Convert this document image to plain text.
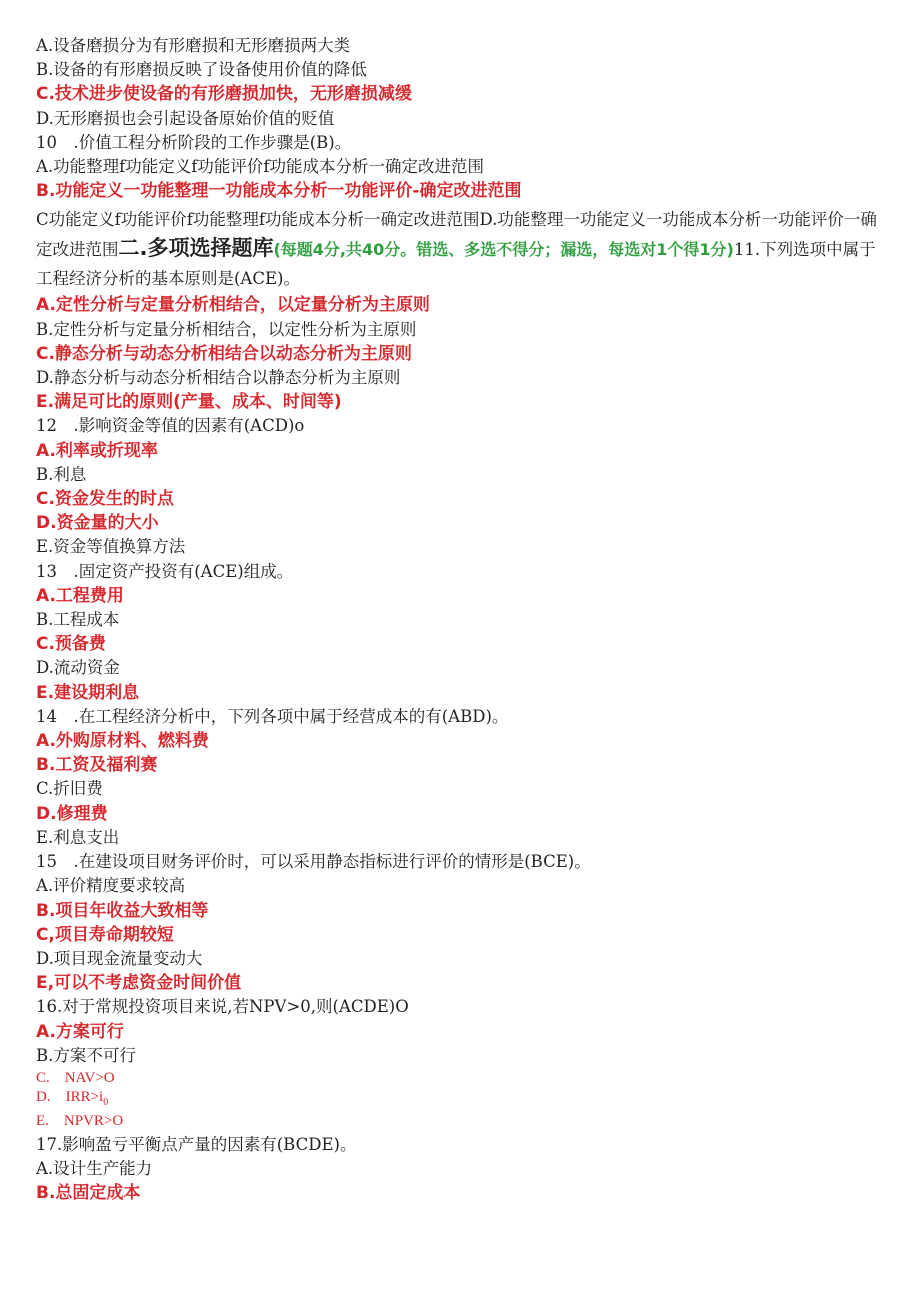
A.设备磨损分为有形磨损和无形磨损两大类
B.设备的有形磨损反映了设备使用价值的降低
C.技术进步使设备的有形磨损加快，无形磨损减缓
D.无形磨损也会引起设备原始价值的贬值
10　.价值工程分析阶段的工作步骤是(B)。
A.功能整理f功能定义f功能评价f功能成本分析一确定改进范围
B.功能定义一功能整理一功能成本分析一功能评价-确定改进范围
C功能定义f功能评价f功能整理f功能成本分析一确定改进范围D.功能整理一功能定义一功能成本分析一功能评价一确定改进范围二.多项选择题库(每题4分,共40分。错选、多选不得分；漏选，每选对1个得1分)11.下列选项中属于工程经济分析的基本原则是(ACE)。
A.定性分析与定量分析相结合，以定量分析为主原则
B.定性分析与定量分析相结合，以定性分析为主原则
C.静态分析与动态分析相结合以动态分析为主原则
D.静态分析与动态分析相结合以静态分析为主原则
E.满足可比的原则(产量、成本、时间等)
12　.影响资金等值的因素有(ACD)o
A.利率或折现率
B.利息
C.资金发生的时点
D.资金量的大小
E.资金等值换算方法
13　.固定资产投资有(ACE)组成。
A.工程费用
B.工程成本
C.预备费
D.流动资金
E.建设期利息
14　.在工程经济分析中，下列各项中属于经营成本的有(ABD)。
A.外购原材料、燃料费
B.工资及福利赛
C.折旧费
D.修理费
E.利息支出
15　.在建设项目财务评价时，可以采用静态指标进行评价的情形是(BCE)。
A.评价精度要求较高
B.项目年收益大致相等
C,项目寿命期较短
D.项目现金流量变动大
E,可以不考虑资金时间价值
16.对于常规投资项目来说,若NPV>0,则(ACDE)O
A.方案可行
B.方案不可行
C.　NAV>O
D.　$IRR>i_0$
E.　NPVR>O
17.影响盈亏平衡点产量的因素有(BCDE)。
A.设计生产能力
B.总固定成本
